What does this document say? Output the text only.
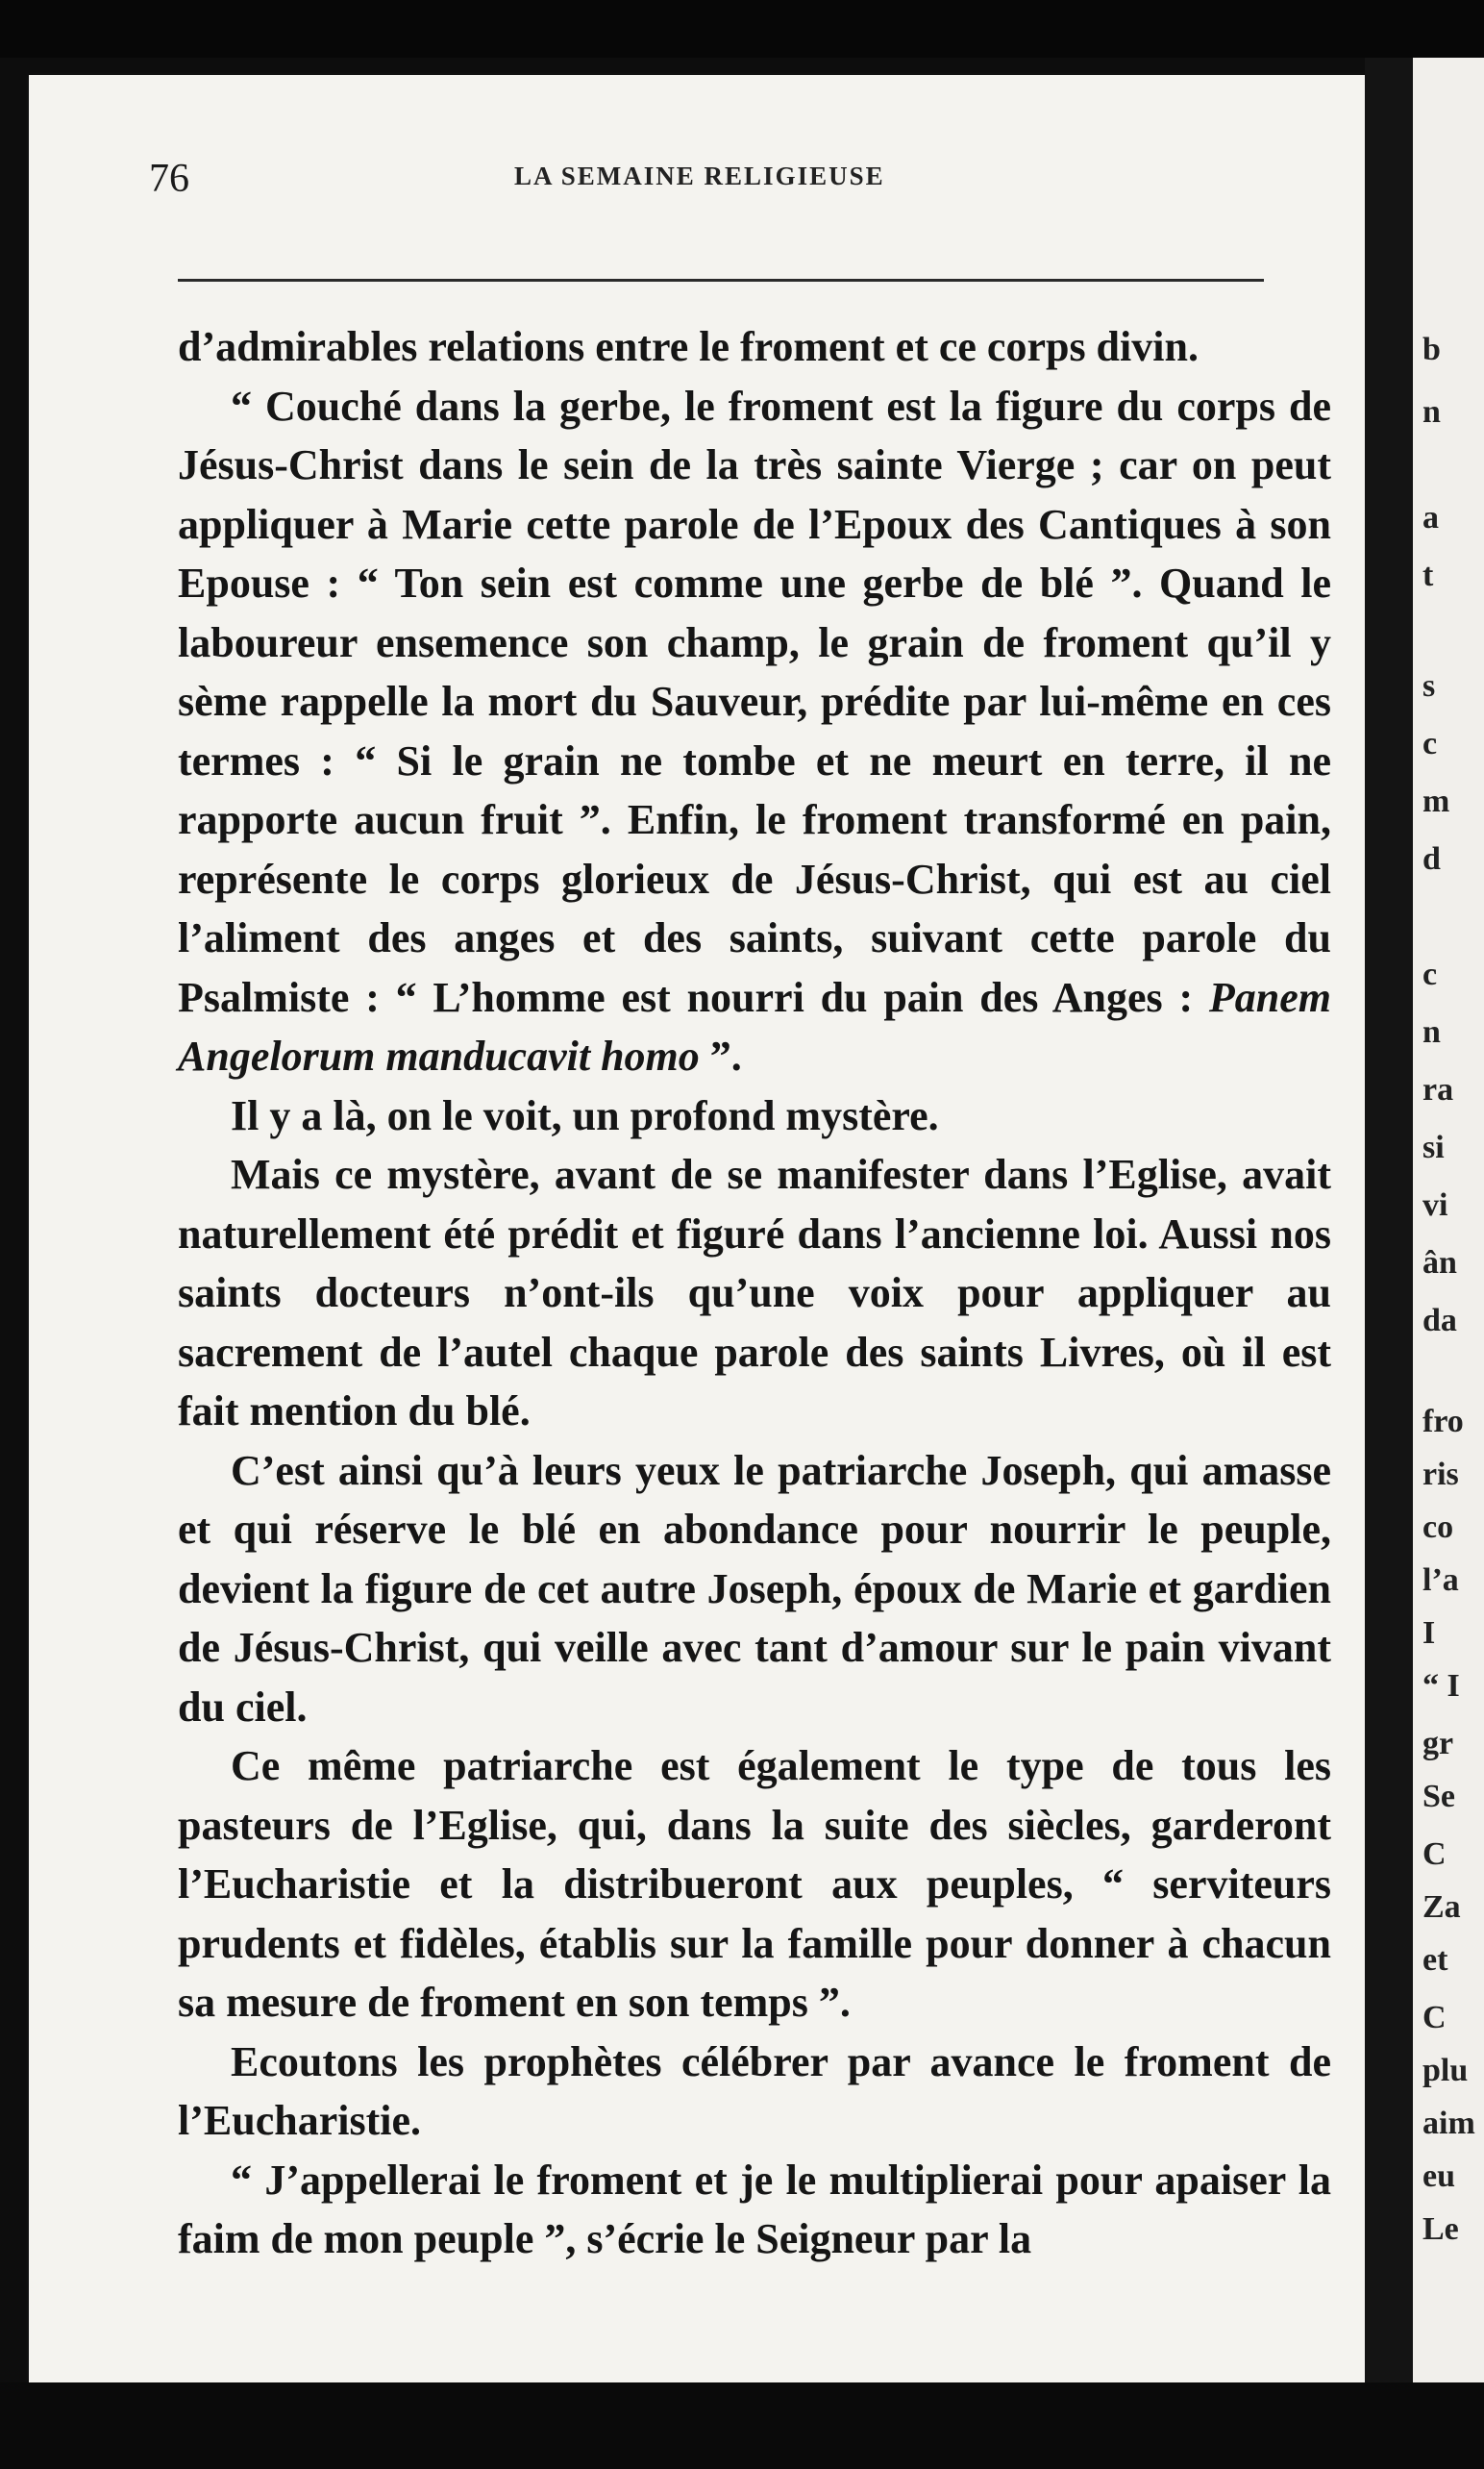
76	LA SEMAINE RELIGIEUSE

d’admirables relations entre le froment et ce corps divin.

“ Couché dans la gerbe, le froment est la figure du corps de Jésus-Christ dans le sein de la très sainte Vierge ; car on peut appliquer à Marie cette parole de l’Epoux des Cantiques à son Epouse : “ Ton sein est comme une gerbe de blé ”. Quand le laboureur ensemence son champ, le grain de froment qu’il y sème rappelle la mort du Sauveur, prédite par lui-même en ces termes : “ Si le grain ne tombe et ne meurt en terre, il ne rapporte aucun fruit ”. Enfin, le froment transformé en pain, représente le corps glorieux de Jésus-Christ, qui est au ciel l’aliment des anges et des saints, suivant cette parole du Psalmiste : “ L’homme est nourri du pain des Anges : Panem Angelorum manducavit homo ”.

Il y a là, on le voit, un profond mystère.

Mais ce mystère, avant de se manifester dans l’Eglise, avait naturellement été prédit et figuré dans l’ancienne loi. Aussi nos saints docteurs n’ont-ils qu’une voix pour appliquer au sacrement de l’autel chaque parole des saints Livres, où il est fait mention du blé.

C’est ainsi qu’à leurs yeux le patriarche Joseph, qui amasse et qui réserve le blé en abondance pour nourrir le peuple, devient la figure de cet autre Joseph, époux de Marie et gardien de Jésus-Christ, qui veille avec tant d’amour sur le pain vivant du ciel.

Ce même patriarche est également le type de tous les pasteurs de l’Eglise, qui, dans la suite des siècles, garderont l’Eucharistie et la distribueront aux peuples, “ serviteurs prudents et fidèles, établis sur la famille pour donner à chacun sa mesure de froment en son temps ”.

Ecoutons les prophètes célébrer par avance le froment de l’Eucharistie.

“ J’appellerai le froment et je le multiplierai pour apaiser la faim de mon peuple ”, s’écrie le Seigneur par la

b
n
a
t
s
c
m
d
c
n
ra
si
vi
ân
da
fro
ris
co
l’a
I
“ I
gr
Se
C
Za
et
C
plu
aim
eu
Le
